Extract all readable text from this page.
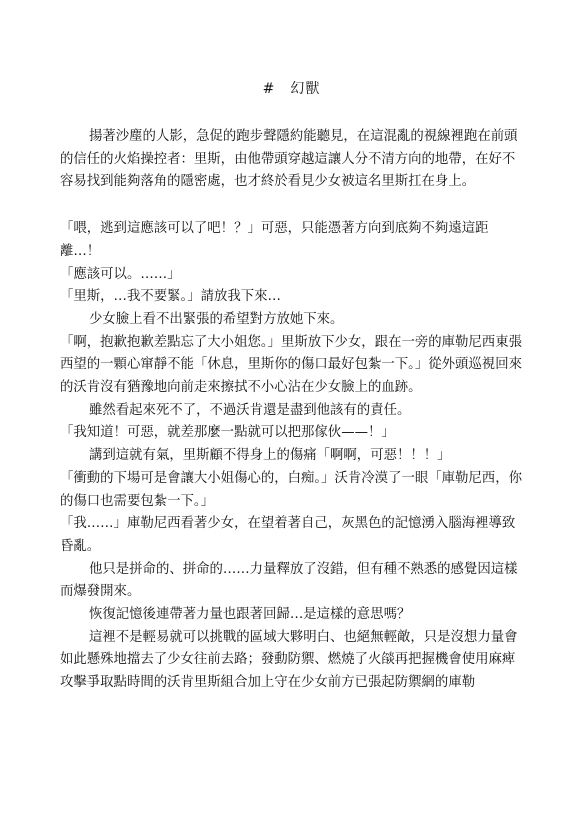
#　幻獸

揚著沙塵的人影，急促的跑步聲隱約能聽見，在這混亂的視線裡跑在前頭的信任的火焰操控者：里斯，由他帶頭穿越這讓人分不清方向的地帶，在好不容易找到能夠落角的隱密處，也才終於看見少女被這名里斯扛在身上。

「喂，逃到這應該可以了吧！？」可惡，只能憑著方向到底夠不夠遠這距離…！

「應該可以。……」

「里斯，…我不要緊。」請放我下來…

少女臉上看不出緊張的希望對方放她下來。

「啊，抱歉抱歉差點忘了大小姐您。」里斯放下少女，跟在一旁的庫勒尼西東張西望的一顆心窜靜不能「休息，里斯你的傷口最好包紮一下。」從外頭巡視回來的沃肯沒有猶豫地向前走來擦拭不小心沾在少女臉上的血跡。

雖然看起來死不了，不過沃肯還是盡到他該有的責任。

「我知道！可惡，就差那麼一點就可以把那傢伙——！」

講到這就有氣，里斯顧不得身上的傷痛「啊啊，可惡！！！」

「衝動的下場可是會讓大小姐傷心的，白痴。」沃肯冷漠了一眼「庫勒尼西，你的傷口也需要包紮一下。」

「我……」庫勒尼西看著少女，在望着著自己，灰黑色的記憶湧入腦海裡導致昏亂。

他只是拼命的、拼命的……力量釋放了沒錯，但有種不熟悉的感覺因這樣而爆發開來。

恢復記憶後連帶著力量也跟著回歸…是這樣的意思嗎？

這裡不是輕易就可以挑戰的區域大夥明白、也絕無輕敵，只是沒想力量會如此懸殊地擋去了少女往前去路；發動防禦、燃燒了火燄再把握機會使用麻痺攻擊爭取點時間的沃肯里斯組合加上守在少女前方已張起防禦網的庫勒
